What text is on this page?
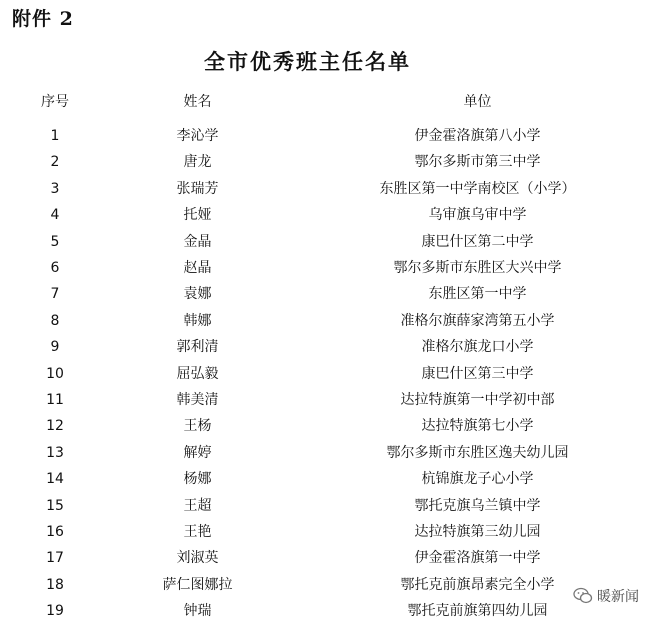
附件 2
全市优秀班主任名单
序号	姓名	单位
1	李沁学	伊金霍洛旗第八小学
2	唐龙	鄂尔多斯市第三中学
3	张瑞芳	东胜区第一中学南校区（小学）
4	托娅	乌审旗乌审中学
5	金晶	康巴什区第二中学
6	赵晶	鄂尔多斯市东胜区大兴中学
7	袁娜	东胜区第一中学
8	韩娜	准格尔旗薛家湾第五小学
9	郭利清	准格尔旗龙口小学
10	屈弘毅	康巴什区第三中学
11	韩美清	达拉特旗第一中学初中部
12	王杨	达拉特旗第七小学
13	解婷	鄂尔多斯市东胜区逸夫幼儿园
14	杨娜	杭锦旗龙子心小学
15	王超	鄂托克旗乌兰镇中学
16	王艳	达拉特旗第三幼儿园
17	刘淑英	伊金霍洛旗第一中学
18	萨仁图娜拉	鄂托克前旗昂素完全小学
19	钟瑞	鄂托克前旗第四幼儿园
暖新闻
